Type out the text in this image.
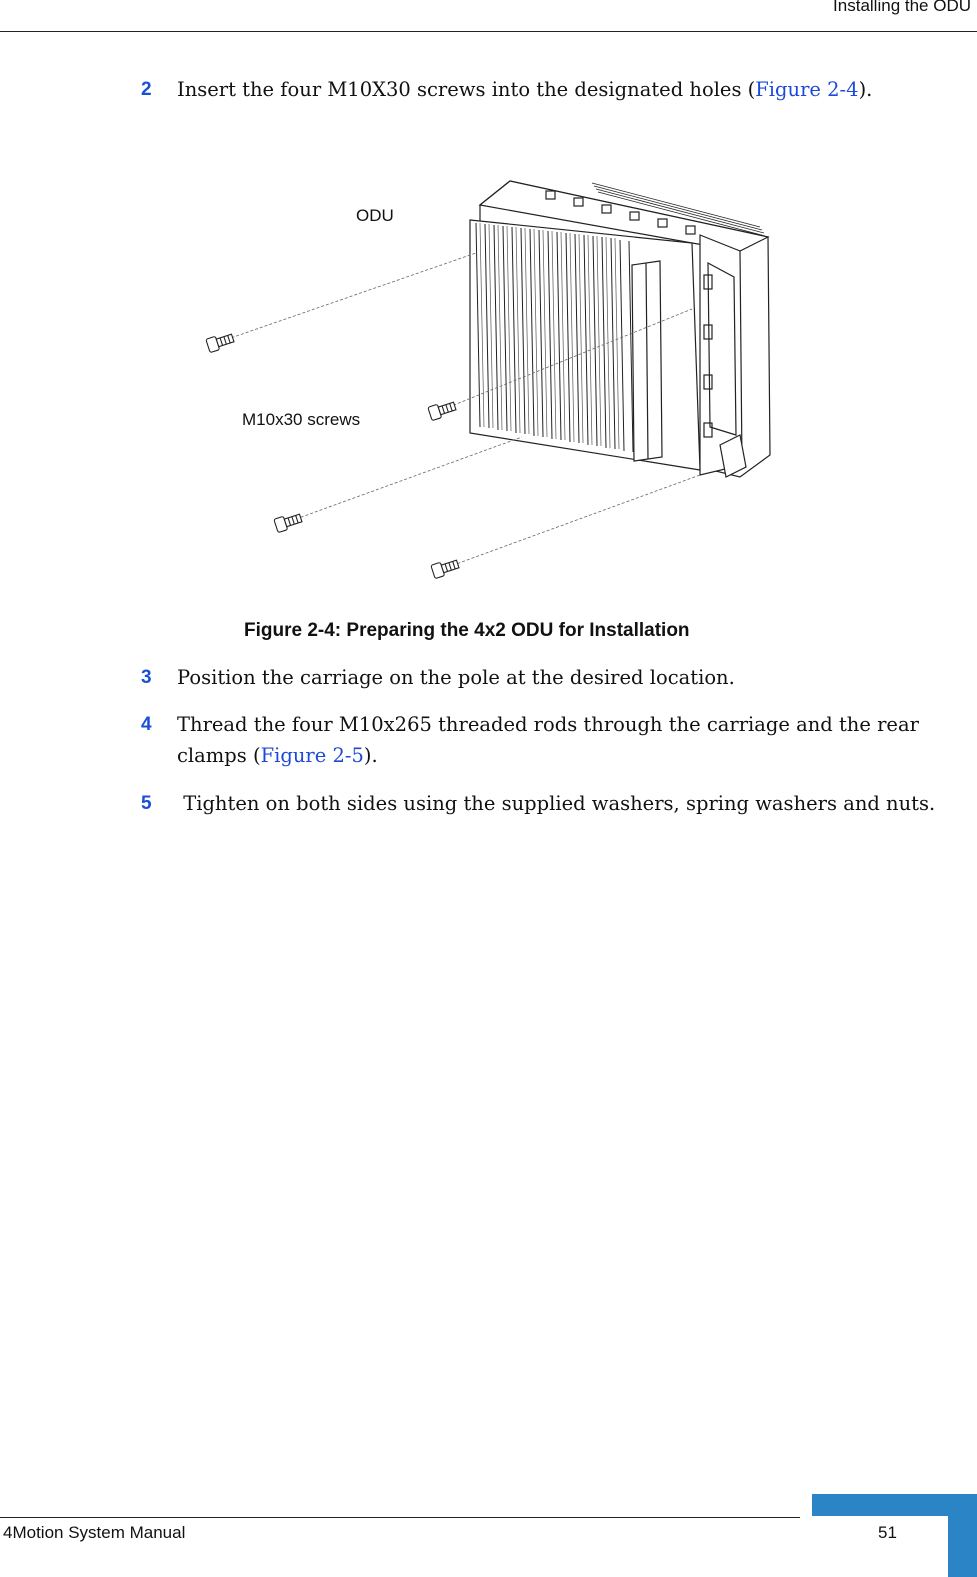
Installing the ODU
2 Insert the four M10X30 screws into the designated holes (Figure 2-4).
ODU
M10x30 screws
Figure 2-4: Preparing the 4x2 ODU for Installation
3 Position the carriage on the pole at the desired location.
4 Thread the four M10x265 threaded rods through the carriage and the rear clamps (Figure 2-5).
5 Tighten on both sides using the supplied washers, spring washers and nuts.
4Motion System Manual	51
